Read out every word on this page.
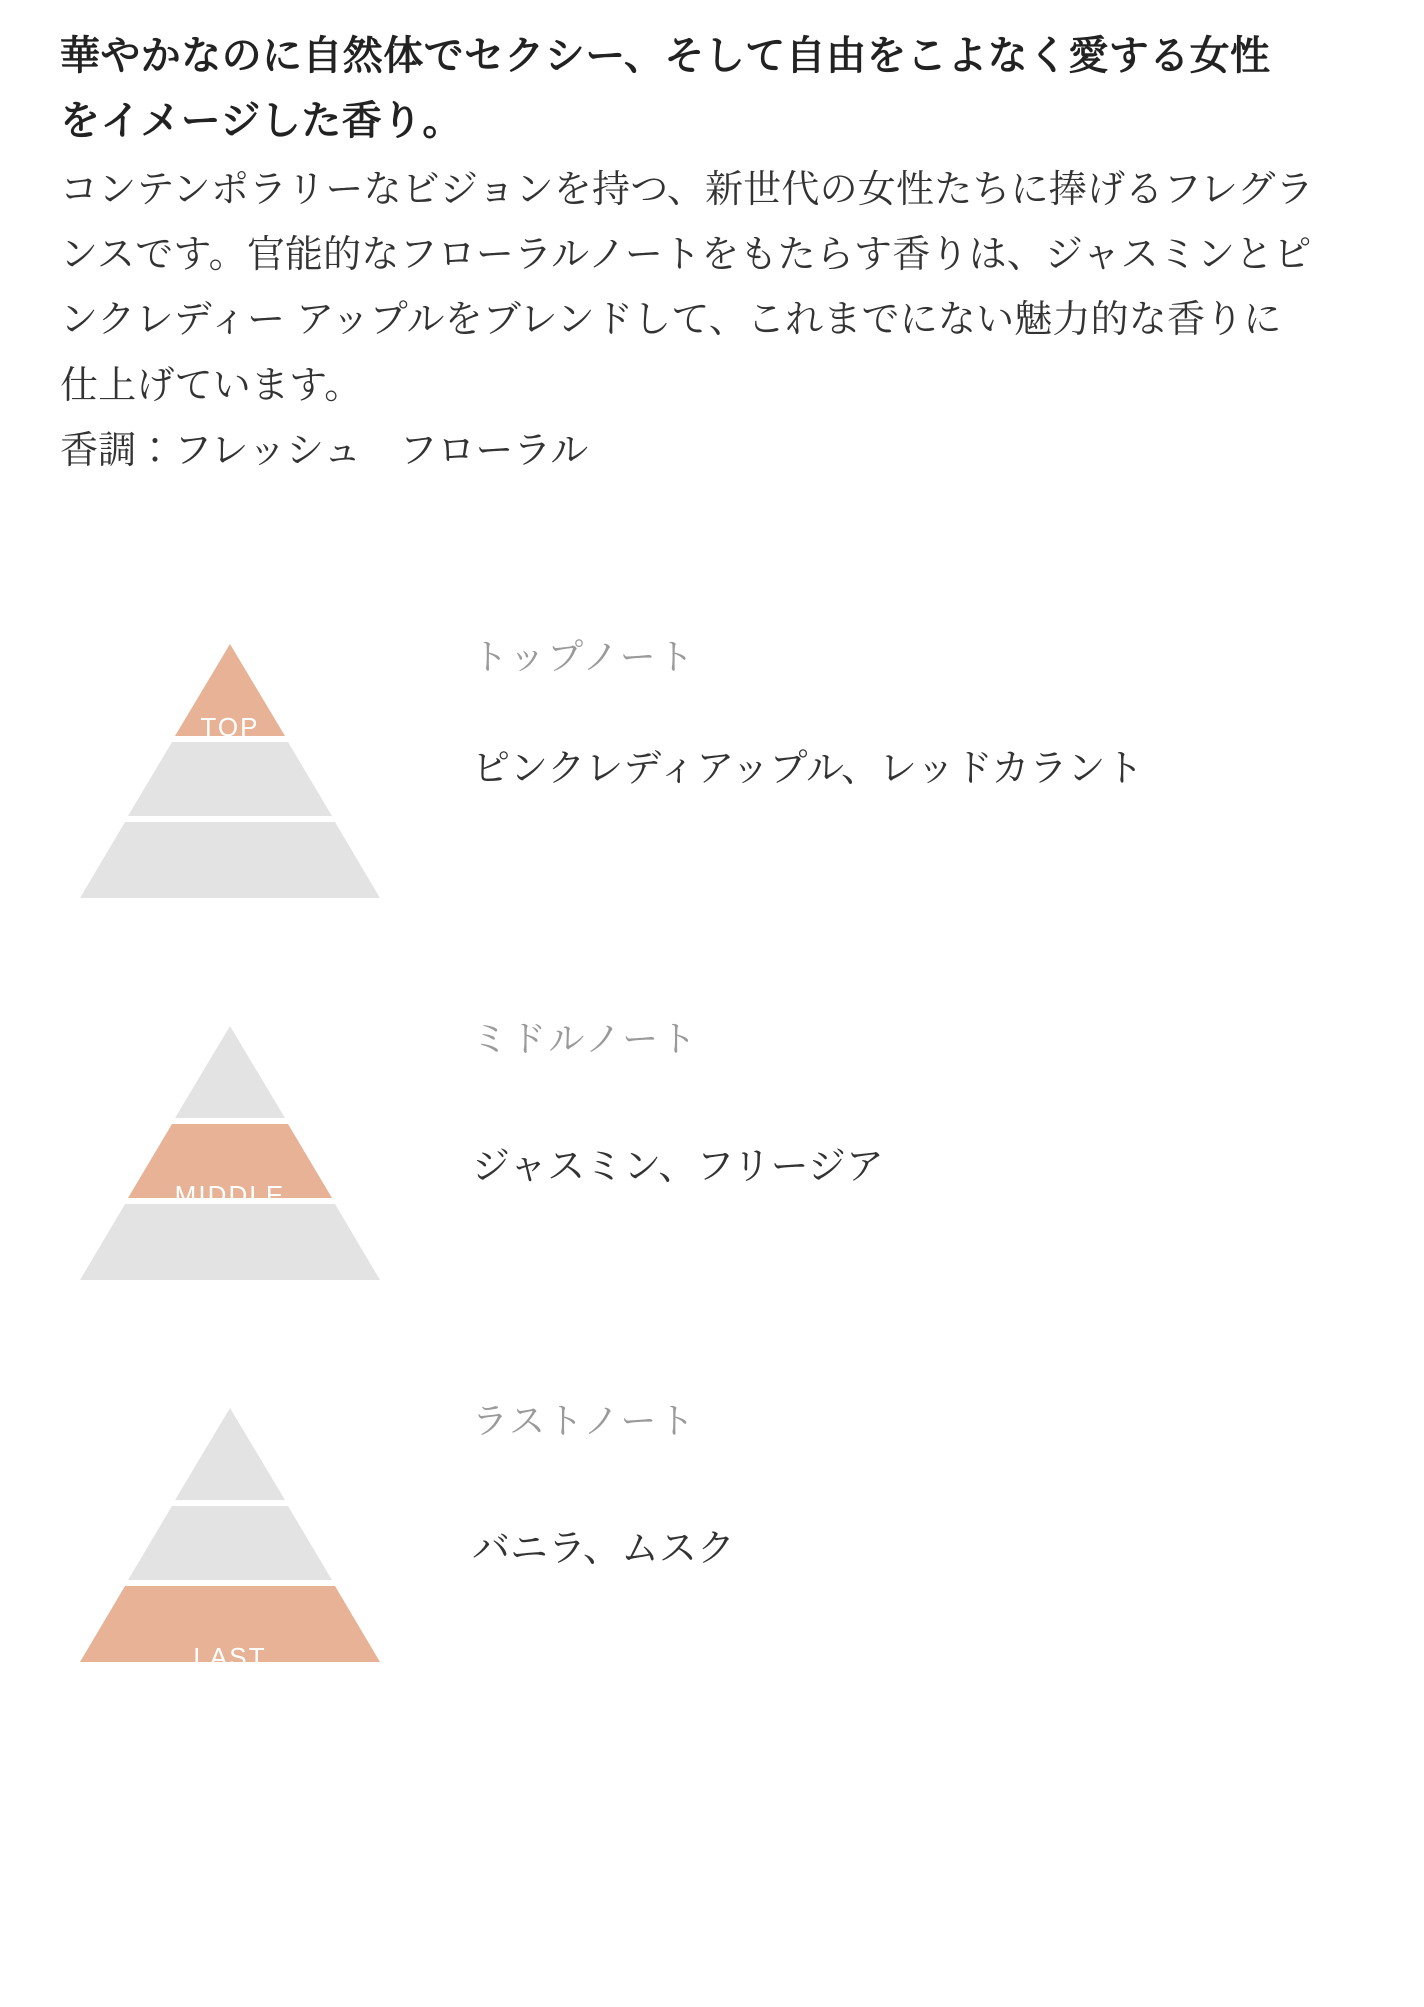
華やかなのに自然体でセクシー、そして自由をこよなく愛する女性をイメージした香り。

コンテンポラリーなビジョンを持つ、新世代の女性たちに捧げるフレグランスです。官能的なフローラルノートをもたらす香りは、ジャスミンとピンクレディー アップルをブレンドして、これまでにない魅力的な香りに仕上げています。

香調：フレッシュ　フローラル

TOP

トップノート

ピンクレディアップル、レッドカラント

MIDDLE

ミドルノート

ジャスミン、フリージア

LAST

ラストノート

バニラ、ムスク
